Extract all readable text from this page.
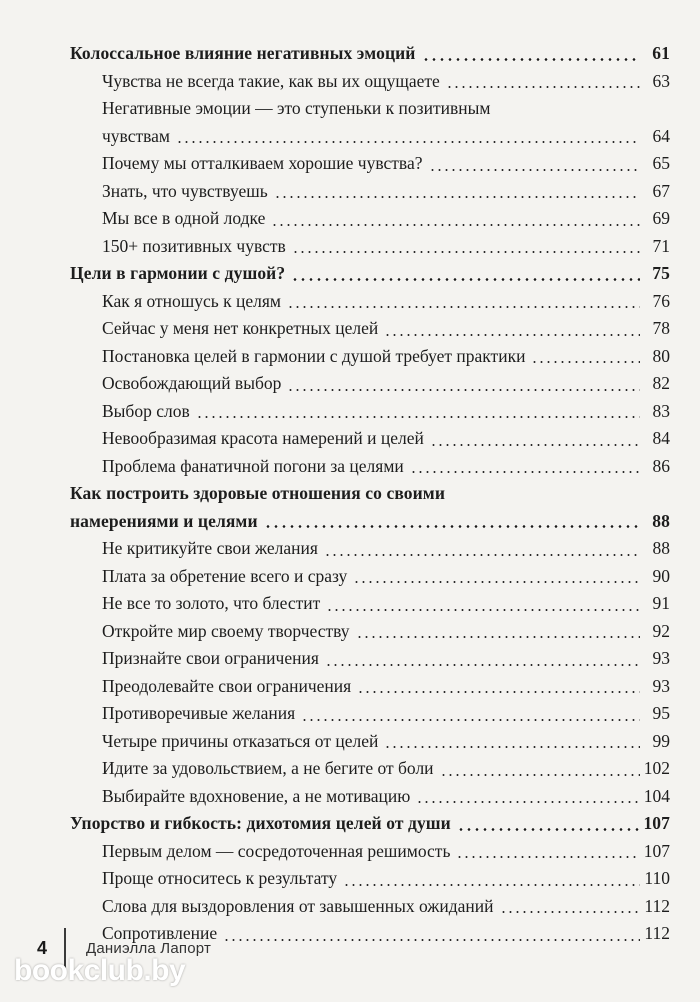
Колоссальное влияние негативных эмоций	61
Чувства не всегда такие, как вы их ощущаете	63
Негативные эмоции — это ступеньки к позитивным
чувствам	64
Почему мы отталкиваем хорошие чувства?	65
Знать, что чувствуешь	67
Мы все в одной лодке	69
150+ позитивных чувств	71
Цели в гармонии с душой?	75
Как я отношусь к целям	76
Сейчас у меня нет конкретных целей	78
Постановка целей в гармонии с душой требует практики	80
Освобождающий выбор	82
Выбор слов	83
Невообразимая красота намерений и целей	84
Проблема фанатичной погони за целями	86
Как построить здоровые отношения со своими
намерениями и целями	88
Не критикуйте свои желания	88
Плата за обретение всего и сразу	90
Не все то золото, что блестит	91
Откройте мир своему творчеству	92
Признайте свои ограничения	93
Преодолевайте свои ограничения	93
Противоречивые желания	95
Четыре причины отказаться от целей	99
Идите за удовольствием, а не бегите от боли	102
Выбирайте вдохновение, а не мотивацию	104
Упорство и гибкость: дихотомия целей от души	107
Первым делом — сосредоточенная решимость	107
Проще относитесь к результату	110
Слова для выздоровления от завышенных ожиданий	112
Сопротивление	112
4	Даниэлла Лапорт
bookclub.by
